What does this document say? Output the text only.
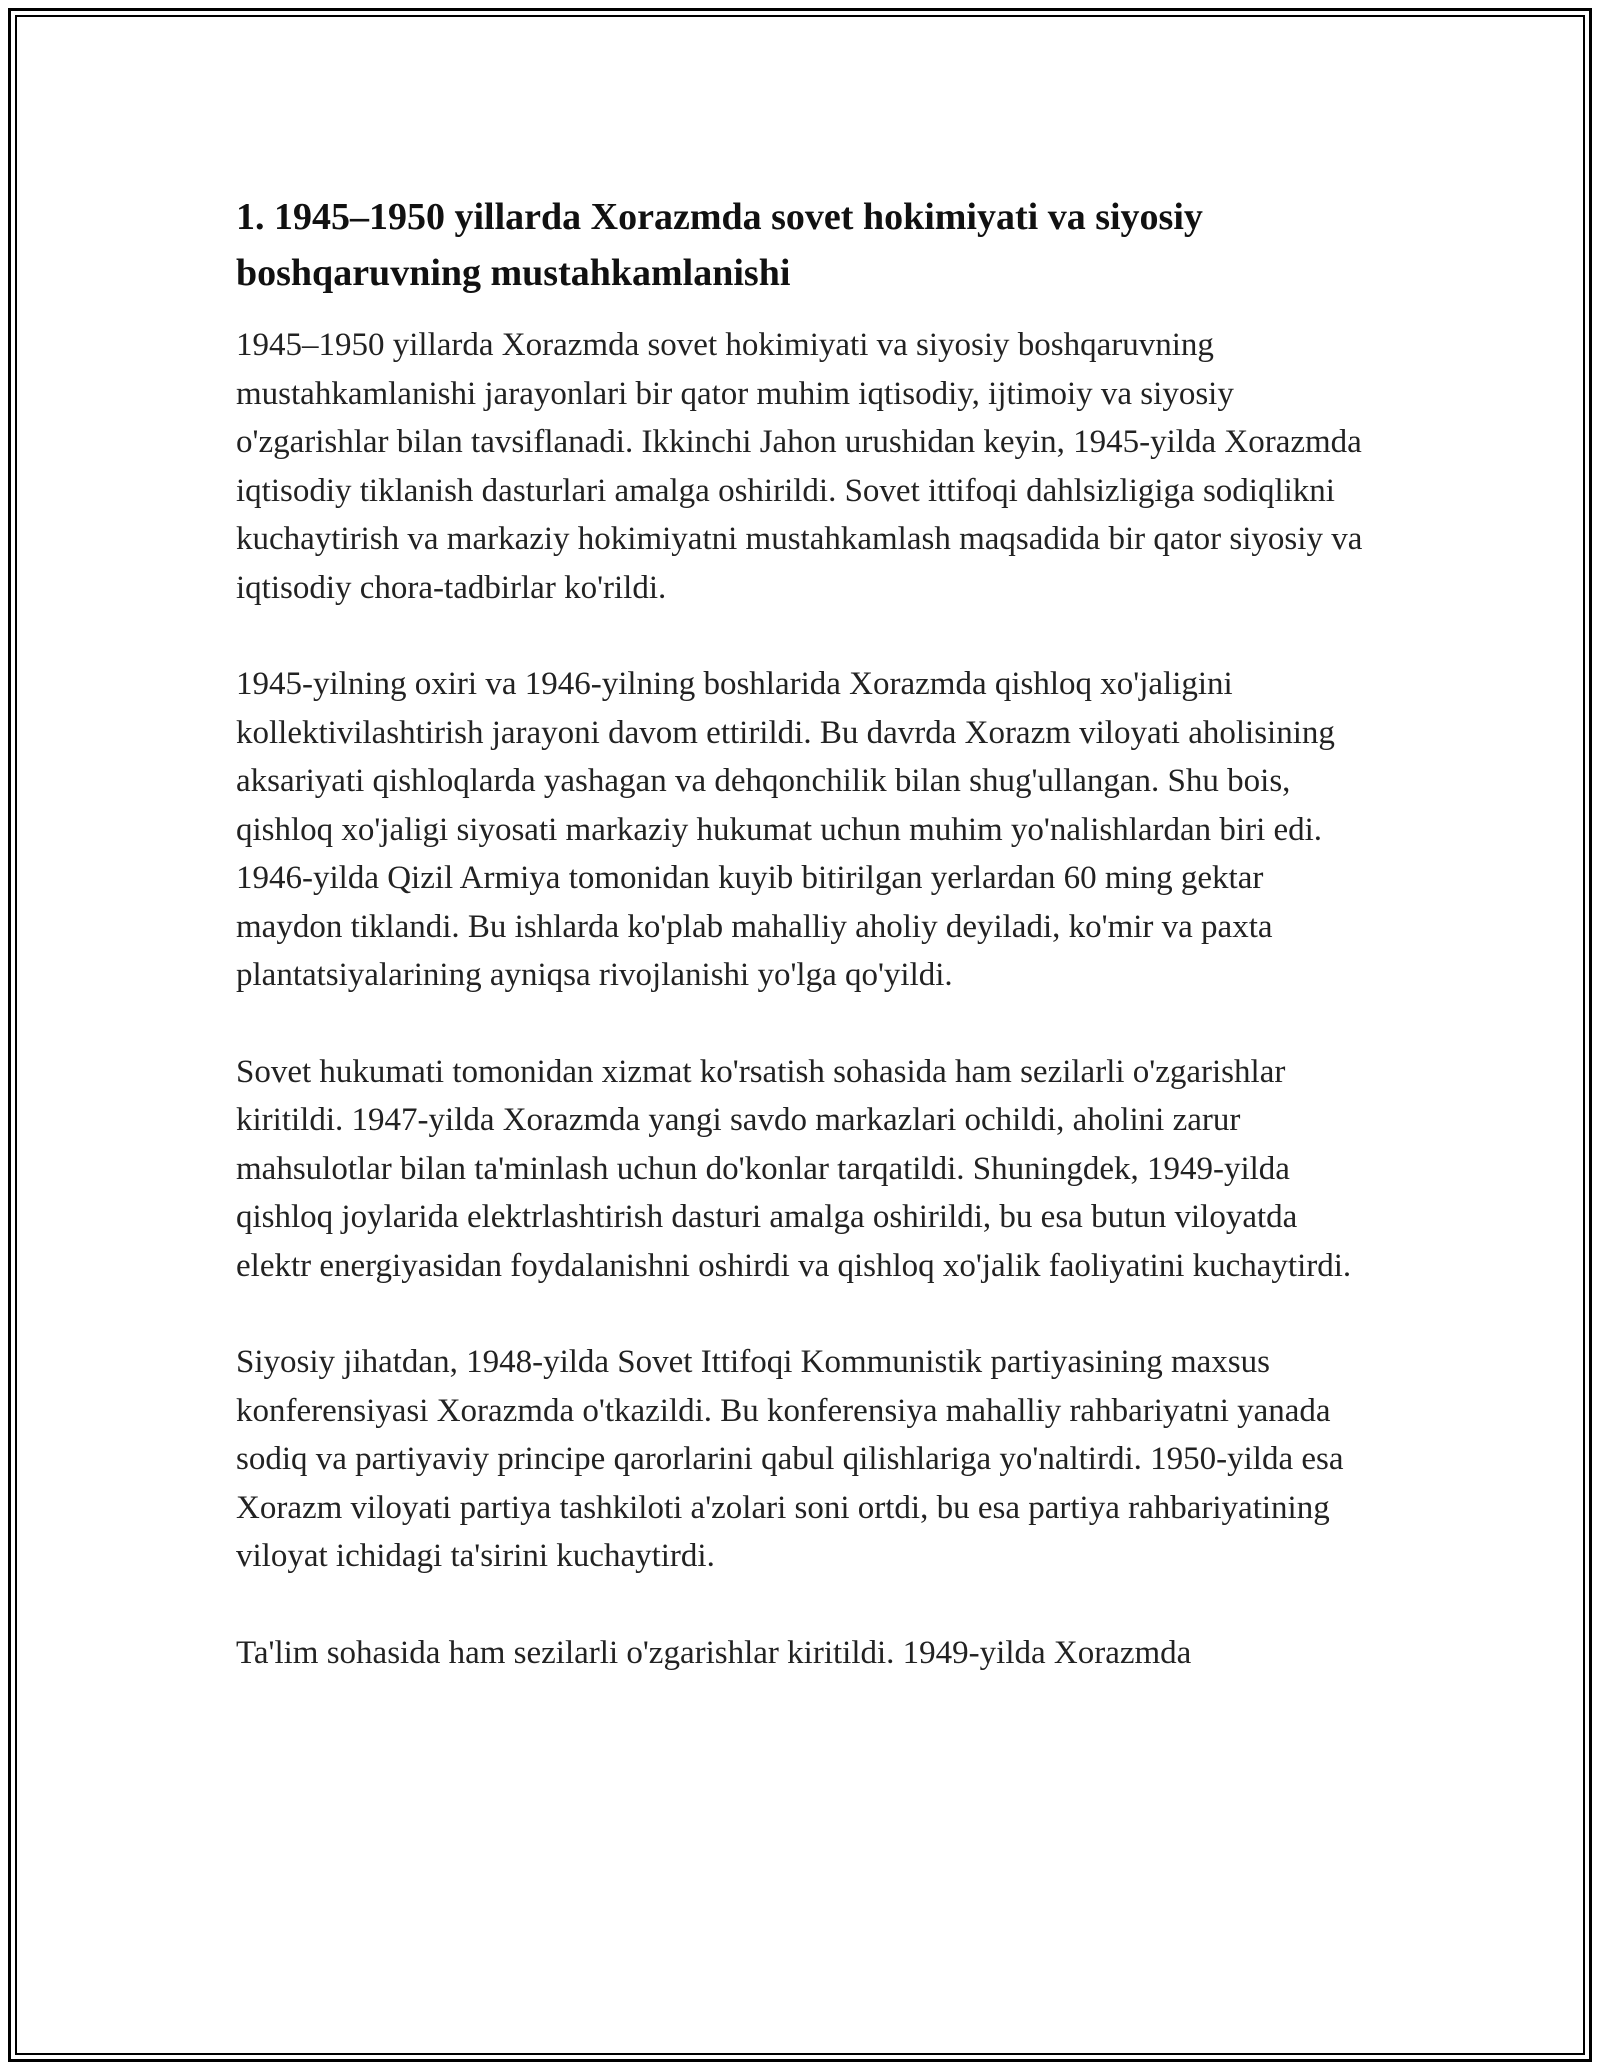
1. 1945–1950 yillarda Xorazmda sovet hokimiyati va siyosiy boshqaruvning mustahkamlanishi

1945–1950 yillarda Xorazmda sovet hokimiyati va siyosiy boshqaruvning mustahkamlanishi jarayonlari bir qator muhim iqtisodiy, ijtimoiy va siyosiy o'zgarishlar bilan tavsiflanadi. Ikkinchi Jahon urushidan keyin, 1945-yilda Xorazmda iqtisodiy tiklanish dasturlari amalga oshirildi. Sovet ittifoqi dahlsizligiga sodiqlikni kuchaytirish va markaziy hokimiyatni mustahkamlash maqsadida bir qator siyosiy va iqtisodiy chora-tadbirlar ko'rildi.

1945-yilning oxiri va 1946-yilning boshlarida Xorazmda qishloq xo'jaligini kollektivilashtirish jarayoni davom ettirildi. Bu davrda Xorazm viloyati aholisining aksariyati qishloqlarda yashagan va dehqonchilik bilan shug'ullangan. Shu bois, qishloq xo'jaligi siyosati markaziy hukumat uchun muhim yo'nalishlardan biri edi. 1946-yilda Qizil Armiya tomonidan kuyib bitirilgan yerlardan 60 ming gektar maydon tiklandi. Bu ishlarda ko'plab mahalliy aholiy deyiladi, ko'mir va paxta plantatsiyalarining ayniqsa rivojlanishi yo'lga qo'yildi.

Sovet hukumati tomonidan xizmat ko'rsatish sohasida ham sezilarli o'zgarishlar kiritildi. 1947-yilda Xorazmda yangi savdo markazlari ochildi, aholini zarur mahsulotlar bilan ta'minlash uchun do'konlar tarqatildi. Shuningdek, 1949-yilda qishloq joylarida elektrlashtirish dasturi amalga oshirildi, bu esa butun viloyatda elektr energiyasidan foydalanishni oshirdi va qishloq xo'jalik faoliyatini kuchaytirdi.

Siyosiy jihatdan, 1948-yilda Sovet Ittifoqi Kommunistik partiyasining maxsus konferensiyasi Xorazmda o'tkazildi. Bu konferensiya mahalliy rahbariyatni yanada sodiq va partiyaviy principe qarorlarini qabul qilishlariga yo'naltirdi. 1950-yilda esa Xorazm viloyati partiya tashkiloti a'zolari soni ortdi, bu esa partiya rahbariyatining viloyat ichidagi ta'sirini kuchaytirdi.

Ta'lim sohasida ham sezilarli o'zgarishlar kiritildi. 1949-yilda Xorazmda
